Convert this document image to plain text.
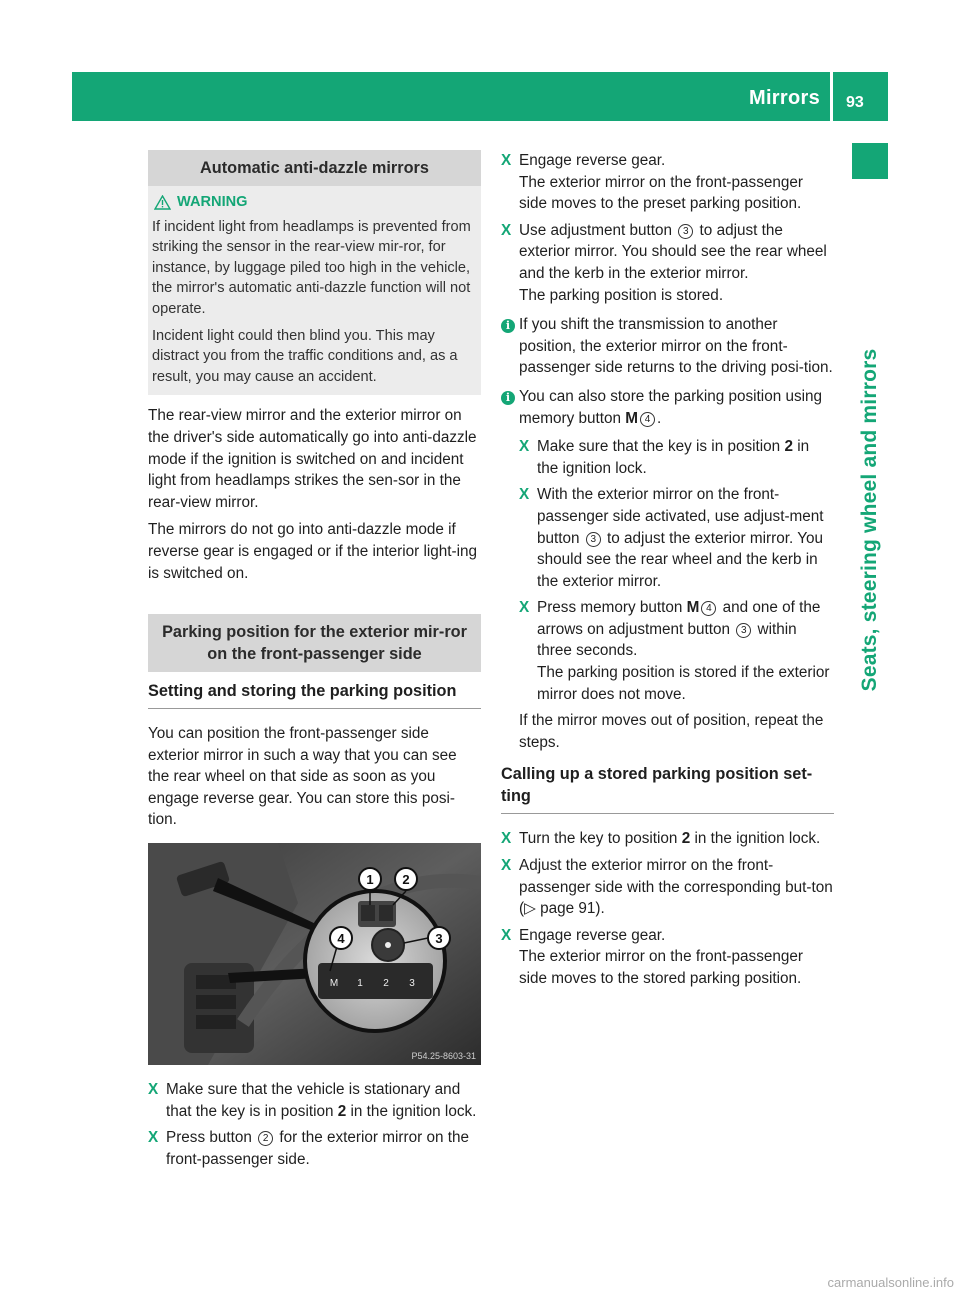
Mirrors 93
Seats, steering wheel and mirrors
Automatic anti-dazzle mirrors
WARNING

If incident light from headlamps is prevented from striking the sensor in the rear-view mir-ror, for instance, by luggage piled too high in the vehicle, the mirror's automatic anti-dazzle function will not operate.

Incident light could then blind you. This may distract you from the traffic conditions and, as a result, you may cause an accident.

The rear-view mirror and the exterior mirror on the driver's side automatically go into anti-dazzle mode if the ignition is switched on and incident light from headlamps strikes the sen-sor in the rear-view mirror.

The mirrors do not go into anti-dazzle mode if reverse gear is engaged or if the interior light-ing is switched on.

Parking position for the exterior mir-ror on the front-passenger side
Setting and storing the parking position

You can position the front-passenger side exterior mirror in such a way that you can see the rear wheel on that side as soon as you engage reverse gear. You can store this posi-tion.

M 1 2 3
1 2
3
4
P54.25-8603-31
X Make sure that the vehicle is stationary and that the key is in position 2 in the ignition lock.
X Press button 2 for the exterior mirror on the front-passenger side.
X Engage reverse gear.
The exterior mirror on the front-passenger side moves to the preset parking position.
X Use adjustment button 3 to adjust the exterior mirror. You should see the rear wheel and the kerb in the exterior mirror.
The parking position is stored.
i If you shift the transmission to another position, the exterior mirror on the front-passenger side returns to the driving posi-tion.
i You can also store the parking position using memory button M 4 .
X Make sure that the key is in position 2 in the ignition lock.
X With the exterior mirror on the front-passenger side activated, use adjust-ment button 3 to adjust the exterior mirror. You should see the rear wheel and the kerb in the exterior mirror.
X Press memory button M 4 and one of the arrows on adjustment button 3 within three seconds.
The parking position is stored if the exterior mirror does not move.

If the mirror moves out of position, repeat the steps.

Calling up a stored parking position set-ting
X Turn the key to position 2 in the ignition lock.
X Adjust the exterior mirror on the front-passenger side with the corresponding but-ton (▷ page 91).
X Engage reverse gear.
The exterior mirror on the front-passenger side moves to the stored parking position.
carmanualsonline.info
